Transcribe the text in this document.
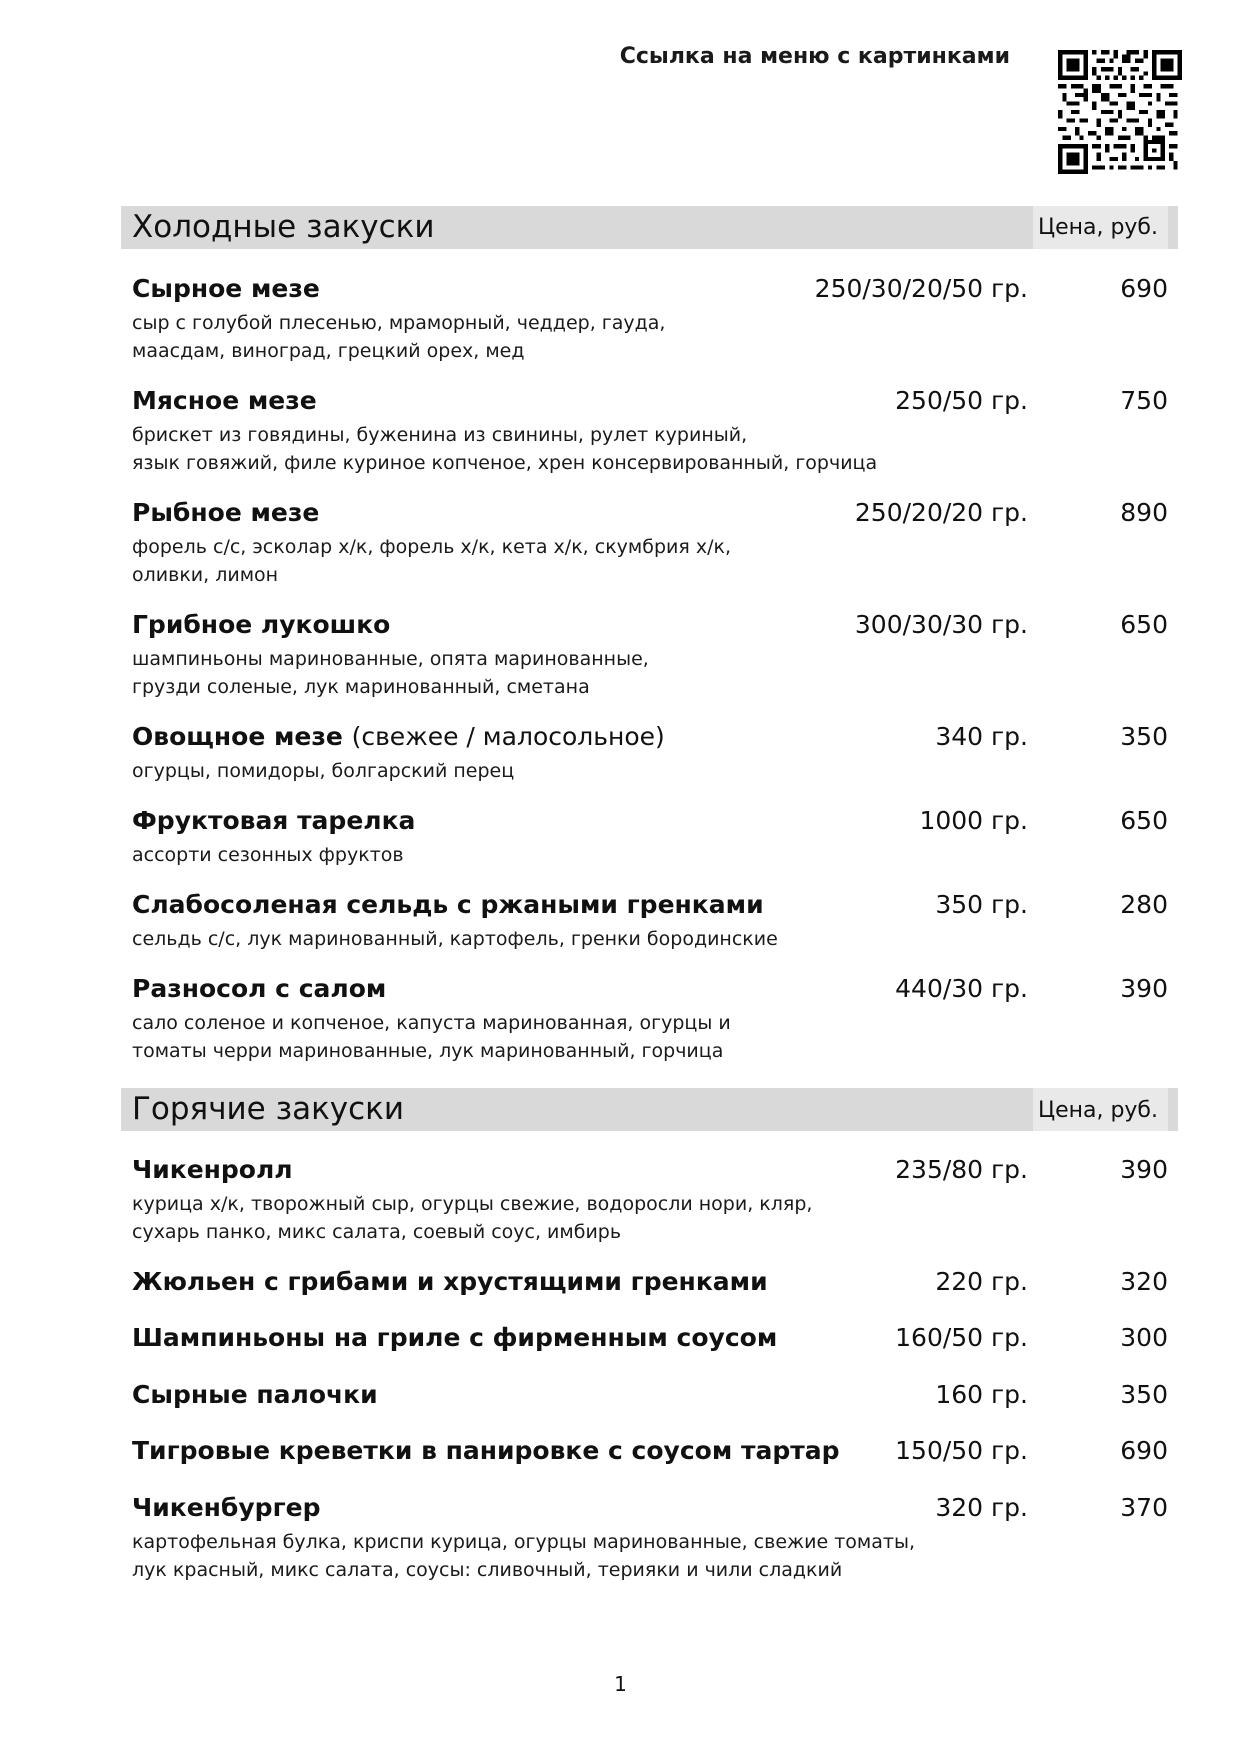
Ссылка на меню с картинками
Холодные закуски	Цена, руб.
Сырное мезе	250/30/20/50 гр.	690
сыр с голубой плесенью, мраморный, чеддер, гауда,
маасдам, виноград, грецкий орех, мед
Мясное мезе	250/50 гр.	750
брискет из говядины, буженина из свинины, рулет куриный,
язык говяжий, филе куриное копченое, хрен консервированный, горчица
Рыбное мезе	250/20/20 гр.	890
форель с/с, эсколар х/к, форель х/к, кета х/к, скумбрия х/к,
оливки, лимон
Грибное лукошко	300/30/30 гр.	650
шампиньоны маринованные, опята маринованные,
грузди соленые, лук маринованный, сметана
Овощное мезе (свежее / малосольное)	340 гр.	350
огурцы, помидоры, болгарский перец
Фруктовая тарелка	1000 гр.	650
ассорти сезонных фруктов
Слабосоленая сельдь с ржаными гренками	350 гр.	280
сельдь с/с, лук маринованный, картофель, гренки бородинские
Разносол с салом	440/30 гр.	390
сало соленое и копченое, капуста маринованная, огурцы и
томаты черри маринованные, лук маринованный, горчица
Горячие закуски	Цена, руб.
Чикенролл	235/80 гр.	390
курица х/к, творожный сыр, огурцы свежие, водоросли нори, кляр,
сухарь панко, микс салата, соевый соус, имбирь
Жюльен с грибами и хрустящими гренками	220 гр.	320
Шампиньоны на гриле с фирменным соусом	160/50 гр.	300
Сырные палочки	160 гр.	350
Тигровые креветки в панировке с соусом тартар 150/50 гр.	690
Чикенбургер	320 гр.	370
картофельная булка, криспи курица, огурцы маринованные, свежие томаты,
лук красный, микс салата, соусы: сливочный, терияки и чили сладкий
1
